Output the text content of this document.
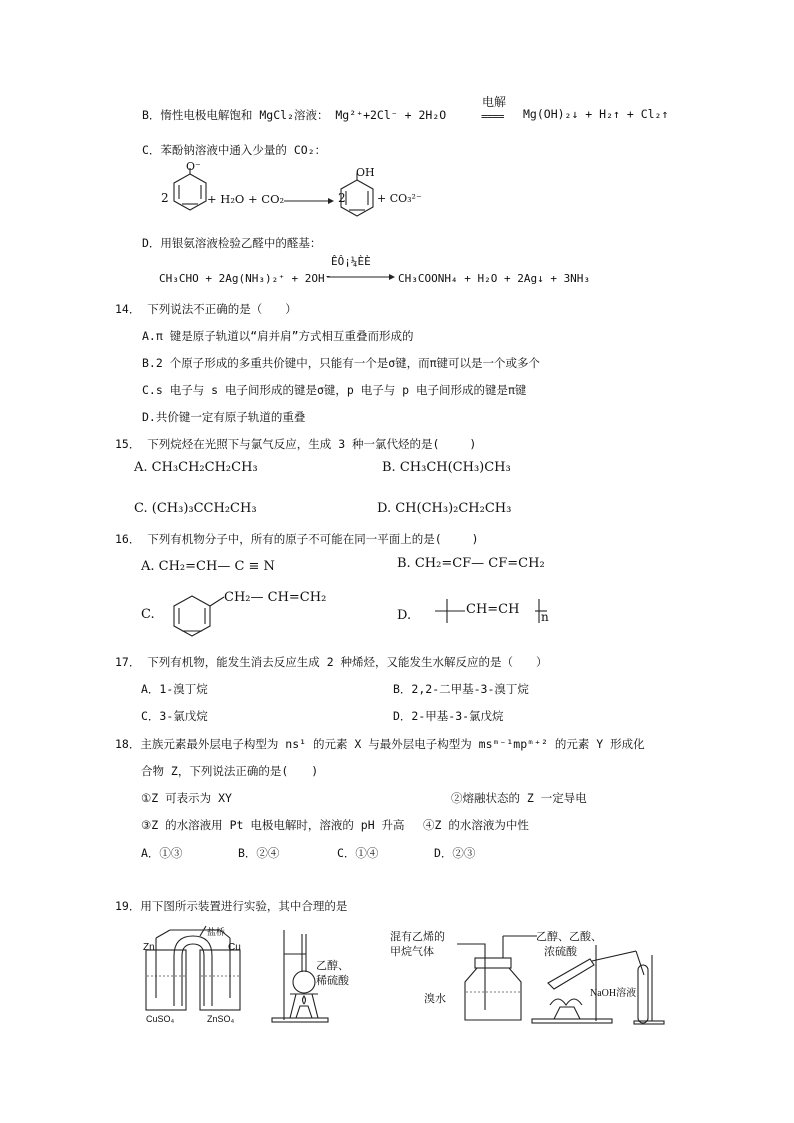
B．惰性电极电解饱和 MgCl₂溶液： Mg²⁺+2Cl⁻ + 2H₂O
电解
==== Mg(OH)₂↓ + H₂↑ + Cl₂↑
C．苯酚钠溶液中通入少量的 CO₂：
2
O⁻
+ H₂O + CO₂ → 2
OH
+ CO₃²⁻
D．用银氨溶液检验乙醛中的醛基：
CH₃CHO + 2Ag(NH₃)₂⁺ + 2OH⁻
ÊÔ¡¼ÈÈ
CH₃COONH₄ + H₂O + 2Ag↓ + 3NH₃
14． 下列说法不正确的是（　　）
A.π 键是原子轨道以“肩并肩”方式相互重叠而形成的
B.2 个原子形成的多重共价键中，只能有一个是σ键，而π键可以是一个或多个
C.s 电子与 s 电子间形成的键是σ键，p 电子与 p 电子间形成的键是π键
D.共价键一定有原子轨道的重叠
15． 下列烷烃在光照下与氯气反应，生成 3 种一氯代烃的是(　　 )
A. CH₃CH₂CH₂CH₃	B. CH₃CH(CH₃)CH₃
C. (CH₃)₃CCH₂CH₃	D. CH(CH₃)₂CH₂CH₃
16． 下列有机物分子中，所有的原子不可能在同一平面上的是(　　 )
A. CH₂=CH— C ≡ N	B. CH₂=CF— CF=CH₂
C.
CH₂— CH=CH₂
D.	CH=CH n
17． 下列有机物，能发生消去反应生成 2 种烯烃，又能发生水解反应的是（　　）
A．1-溴丁烷	B．2,2-二甲基-3-溴丁烷
C．3-氯戊烷	D．2-甲基-3-氯戊烷
18．主族元素最外层电子构型为 ns¹ 的元素 X 与最外层电子构型为 msᵐ⁻¹mpᵐ⁺² 的元素 Y 形成化
合物 Z，下列说法正确的是(　　)
①Z 可表示为 XY	②熔融状态的 Z 一定导电
③Z 的水溶液用 Pt 电极电解时，溶液的 pH 升高　 ④Z 的水溶液为中性
A．①③	B．②④	C．①④	D．②③
19．用下图所示装置进行实验，其中合理的是
盐桥
Zn	Cu
CuSO₄	ZnSO₄
乙醇、
稀硫酸
混有乙烯的
甲烷气体
溴水
乙醇、乙酸、
浓硫酸
NaOH溶液
